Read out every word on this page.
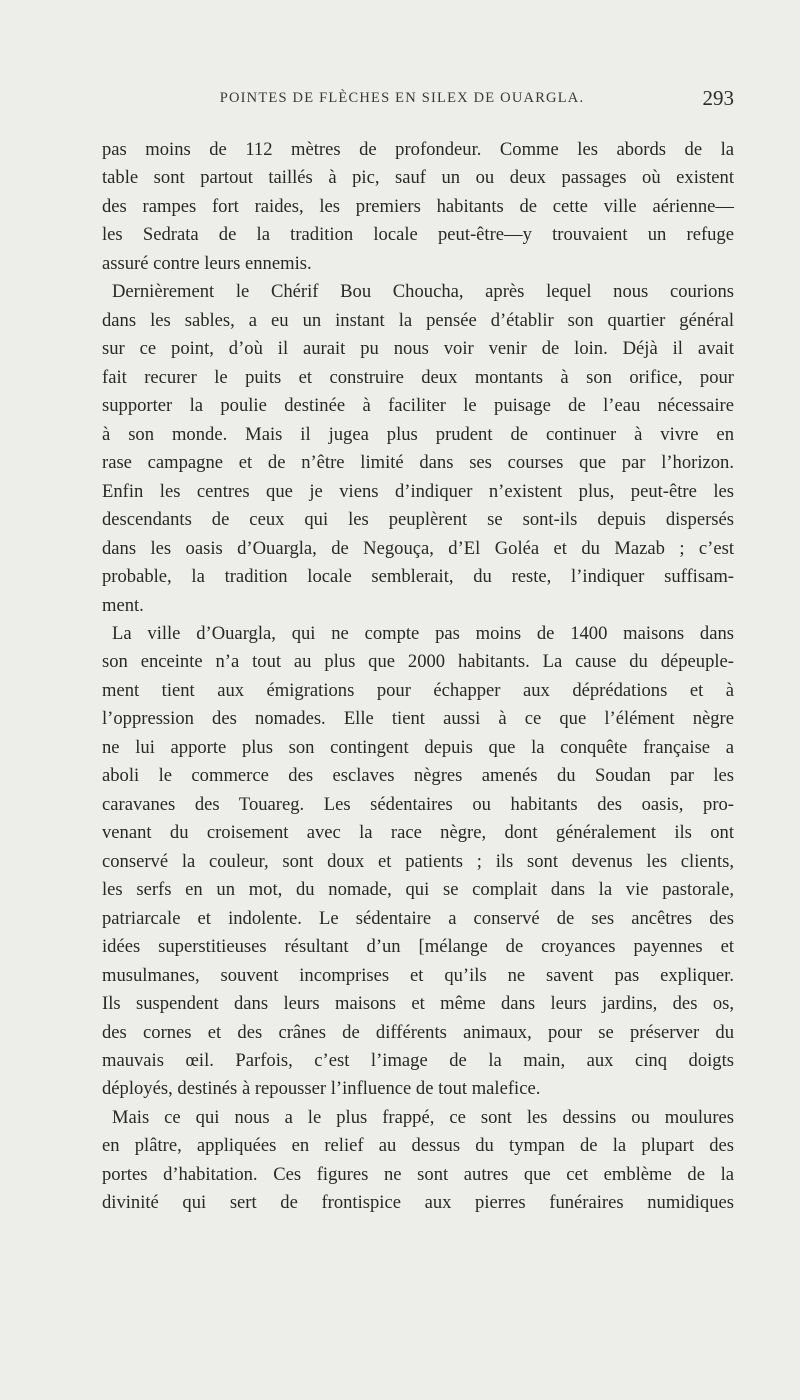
POINTES DE FLÈCHES EN SILEX DE OUARGLA.	293
pas moins de 112 mètres de profondeur. Comme les abords de la
table sont partout taillés à pic, sauf un ou deux passages où existent
des rampes fort raides, les premiers habitants de cette ville aérienne—
les Sedrata de la tradition locale peut-être—y trouvaient un refuge
assuré contre leurs ennemis.
Dernièrement le Chérif Bou Choucha, après lequel nous courions
dans les sables, a eu un instant la pensée d’établir son quartier général
sur ce point, d’où il aurait pu nous voir venir de loin. Déjà il avait
fait recurer le puits et construire deux montants à son orifice, pour
supporter la poulie destinée à faciliter le puisage de l’eau nécessaire
à son monde. Mais il jugea plus prudent de continuer à vivre en
rase campagne et de n’être limité dans ses courses que par l’horizon.
Enfin les centres que je viens d’indiquer n’existent plus, peut-être les
descendants de ceux qui les peuplèrent se sont-ils depuis dispersés
dans les oasis d’Ouargla, de Negouça, d’El Goléa et du Mazab ; c’est
probable, la tradition locale semblerait, du reste, l’indiquer suffisam-
ment.
La ville d’Ouargla, qui ne compte pas moins de 1400 maisons dans
son enceinte n’a tout au plus que 2000 habitants. La cause du dépeuple-
ment tient aux émigrations pour échapper aux déprédations et à
l’oppression des nomades. Elle tient aussi à ce que l’élément nègre
ne lui apporte plus son contingent depuis que la conquête française a
aboli le commerce des esclaves nègres amenés du Soudan par les
caravanes des Touareg. Les sédentaires ou habitants des oasis, pro-
venant du croisement avec la race nègre, dont généralement ils ont
conservé la couleur, sont doux et patients ; ils sont devenus les clients,
les serfs en un mot, du nomade, qui se complait dans la vie pastorale,
patriarcale et indolente. Le sédentaire a conservé de ses ancêtres des
idées superstitieuses résultant d’un [mélange de croyances payennes et
musulmanes, souvent incomprises et qu’ils ne savent pas expliquer.
Ils suspendent dans leurs maisons et même dans leurs jardins, des os,
des cornes et des crânes de différents animaux, pour se préserver du
mauvais œil. Parfois, c’est l’image de la main, aux cinq doigts
déployés, destinés à repousser l’influence de tout malefice.
Mais ce qui nous a le plus frappé, ce sont les dessins ou moulures
en plâtre, appliquées en relief au dessus du tympan de la plupart des
portes d’habitation. Ces figures ne sont autres que cet emblème de la
divinité qui sert de frontispice aux pierres funéraires numidiques
